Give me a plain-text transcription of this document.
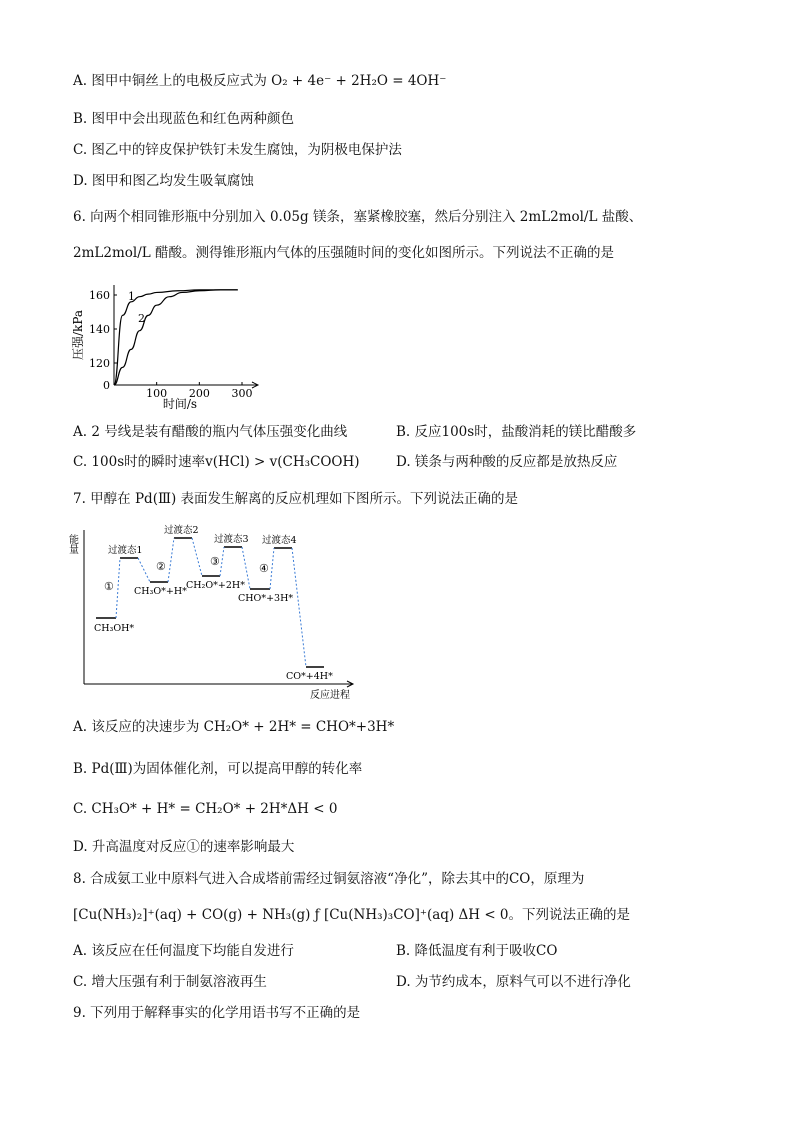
A. 图甲中铜丝上的电极反应式为 O₂ + 4e⁻ + 2H₂O = 4OH⁻
B. 图甲中会出现蓝色和红色两种颜色
C. 图乙中的锌皮保护铁钉未发生腐蚀，为阴极电保护法
D. 图甲和图乙均发生吸氧腐蚀
6. 向两个相同锥形瓶中分别加入 0.05g 镁条，塞紧橡胶塞，然后分别注入 2mL2mol/L 盐酸、
2mL2mol/L 醋酸。测得锥形瓶内气体的压强随时间的变化如图所示。下列说法不正确的是
100 200 300
0
120
140
160 1
2
压强/kPa
时间/s
A. 2 号线是装有醋酸的瓶内气体压强变化曲线	B. 反应100s时，盐酸消耗的镁比醋酸多
C. 100s时的瞬时速率v(HCl) > v(CH₃COOH)	D. 镁条与两种酸的反应都是放热反应
7. 甲醇在 Pd(Ⅲ) 表面发生解离的反应机理如下图所示。下列说法正确的是
能量
反应进程
过渡态1
过渡态2
过渡态3 过渡态4
CH₃OH*
CH₃O*+H*
CH₂O*+2H*
CHO*+3H*
CO*+4H*
①
②	③
④
A. 该反应的决速步为 CH₂O* + 2H* = CHO*+3H*
B. Pd(Ⅲ)为固体催化剂，可以提高甲醇的转化率
C. CH₃O* + H* = CH₂O* + 2H*ΔH < 0
D. 升高温度对反应①的速率影响最大
8. 合成氨工业中原料气进入合成塔前需经过铜氨溶液“净化”，除去其中的CO，原理为
[Cu(NH₃)₂]⁺(aq) + CO(g) + NH₃(g) ƒ [Cu(NH₃)₃CO]⁺(aq) ΔH < 0。下列说法正确的是
A. 该反应在任何温度下均能自发进行	B. 降低温度有利于吸收CO
C. 增大压强有利于制氨溶液再生	D. 为节约成本，原料气可以不进行净化
9. 下列用于解释事实的化学用语书写不正确的是
